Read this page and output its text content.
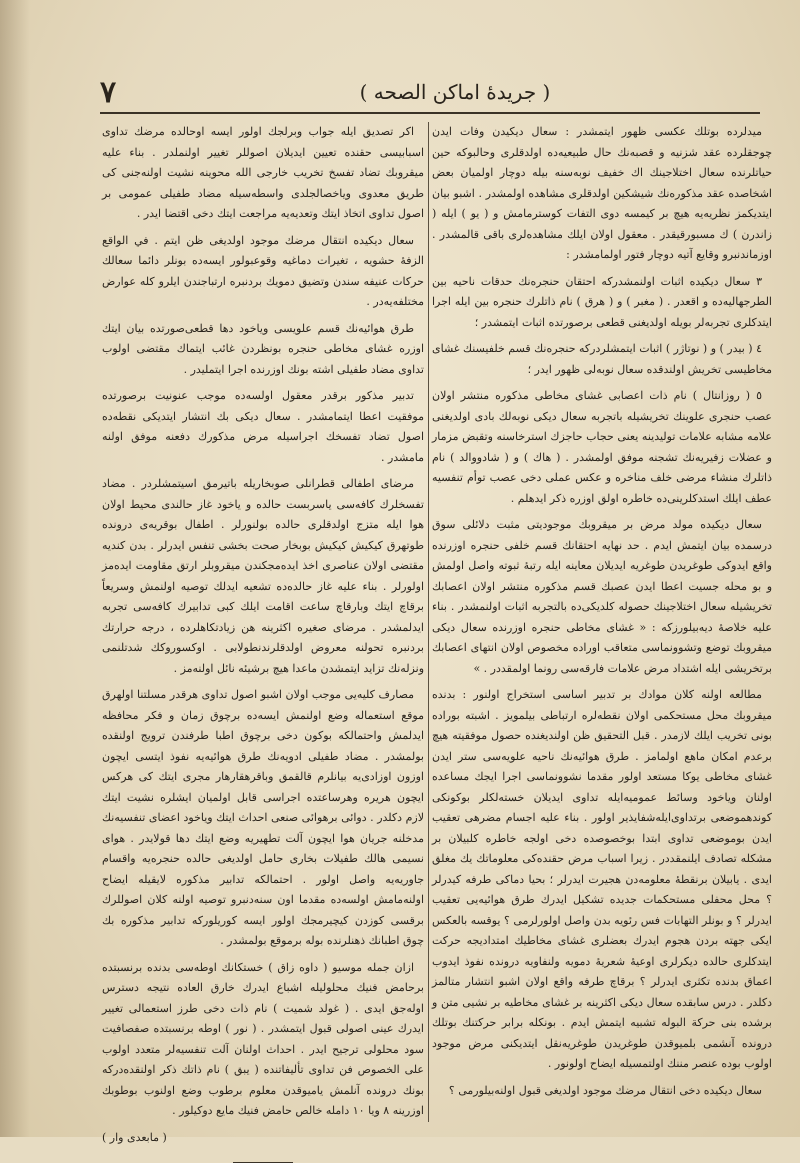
٧	( جريدهٔ اماكن الصحه )

میدلرده بوتلك عكسی ظهور ايتمشدر : سعال دیكیدن وفات ايدن چوجقلرده عقد شزنيه و قصبه‌نك حال طبيعيه‌ده اولدقلری وحالبوكه حين حياتلرنده سعال اختلاجينك اك خفيف نوبه‌سنه بيله دوچار اولميان بعض اشخاصده عقد مذكوره‌نك شيشكين اولدقلری مشاهده اولمشدر . اشبو بيان ايتديكمز نظريه‌يه هيچ بر كيمسه دوی التفات كوسترمامش و ( يو ) ايله ( زاندرن ) ك مسبورقيقدر . معقول اولان ايلك مشاهده‌لری باقی قالمشدر . اوزماندنبرو وقايع آتيه دوچار فتور اولمامشدر :

٣ سعال دیكیده اثبات اولنمشدركه احتقان حنجره‌نك حدقات ناحيه بين الطرجهاليه‌ده و اقعدر . ( مغبر ) و ( هرق ) نام ذاتلرك حنجره بين ايله اجرا ايتدكلری تجربه‌لر بويله اولديغنی قطعی برصورتده اثبات ايتمشدر ؛

٤ ( بيدر ) و ( نوتاژر ) اثبات ايتمشلردركه حنجره‌نك قسم خلفيسنك غشای مخاطيسی تخريش اولندقده سعال نوبه‌لی ظهور ايدر ؛

٥ ( روزانتال ) نام ذات اعصابی غشای مخاطی مذكوره منتشر اولان عصب حنجری علوینك تخريشيله باتجربه سعال دیكی نوبه‌لك بادی اولديغنی علامه مشابه علامات توليدینه يعنی حجاب حاجزك استرخاسنه وتقبض مزمار و عضلات زفيريه‌نك تشجنه موفق اولمشدر . ( هاك ) و ( شادووالد ) نام ذاتلرك منشاء مرضی خلف مناخره و عكس عملی دخی عصب توأم تنفسيه عطف ايلك استدكلرينی‌ده خاطره اولق اوزره ذكر ايدهلم .

سعال دیكیده مولد مرض بر ميقروبك موجوديتی مثبت دلائلی سوق درسمده بيان ايتمش ايدم . حد نهايه احتقانك قسم خلفی حنجره اوزرنده واقع ايدوكی طوغريدن طوغريه ايديلان معاينه ايله رتبهٔ ثبوته واصل اولمش و بو محله جسيت اعطا ايدن عصبك قسم مذكوره منتشر اولان اعصابك تخريشيله سعال اختلاجينك حصوله كلديكی‌ده بالتجربه اثبات اولنمشدر . بناء عليه خلاصهٔ ديه‌بيلورزكه : « غشای مخاطی حنجره اوزرنده سعال دیكی ميقروبك توضع وتشوونماسی متعاقب اوراده مخصوص اولان انتهای اعصابك برتخريشی ايله اشتداد مرض علامات فارقه‌سی رونما اولمقددر . »

مطالعه اولنه كلان موادك بر تدبير اساسی استخراج اولنور : بدنده ميقروبك محل مستحكمی اولان نقطه‌لره ارتباطی بيلمويز . اشبته بوراده بونی تخريب ايلك لازمدر . قبل التحقيق ظن اولنديغنده حصول موفقيته هيچ برعدم امكان ماهع اولمامز . طرق هوائيه‌نك ناحيه علويه‌سی ستر ايدن غشای مخاطی يوكا مستعد اولور مقدما نشوونماسی اجرا ايجك مساعده اولنان وياخود وسائط عموميه‌ايله تداوی ايديلان خسته‌لكلر بوكونكی كوندهموضعی برتداوی‌ايله‌شفايذير اولور . بناء عليه اجسام مضرهی تعقيب ايدن بوموضعی تداوی ابتدا بوخصوصده دخی اولجه خاطره كلبيلان بر مشكله تصادف ايلنمقددر . زيرا اسباب مرض حقنده‌كی معلوماتك يك مغلق ايدی . يابيلان برنقطهٔ معلومه‌دن هجيرت ايدرلر ؛ بحيا دماكی طرفه كيدرلر ؟ محل محفلی مستحكمات جديده تشكيل ايدرك طرق هوائيه‌يی تعقيب ايدرلر ؟ و بونلر التهابات فس رئويه بدن واصل اولورلرمی ؟ يوقسه بالعكس ايكی جهته بردن هجوم ايدرك بعضلری غشای مخاطيك امتداديجه حركت ايتدكلری حالده ديكرلری اوعيهٔ شعريهٔ دمويه ولنفاويه درونده نفوذ ايدوب اعماق بدنده تكثری ايدرلر ؟ برقاچ طرفه واقع اولان اشبو انتشار متالمز دكلدر . درس سابقده سعال دیكی اكثرينه بر غشای مخاطيه بر نشيی متن و برشده بنی حركة البوله تشبيه ايتمش ايدم . بونكله برابر حركتنك بوتلك درونده آنشمی بلميوقدن طوغريدن طوغريه‌نقل ايتديكنی مرض موجود اولوب بوده عنصر مننك اولتمسيله ايضاح اولونور .

سعال دیكیده دخی انتقال مرضك موجود اولديغی قبول اولنه‌بيلورمی ؟

اكر تصديق ايله جواب وبرلجك اولور ايسه اوحالده مرضك تداوی اسبابيسی حقنده تعيين ايديلان اصوللر تغيير اولنملدر . بناء عليه ميقروبك تضاد تفسخ تخريب خارجی الله محوينه نشيت اولنه‌جنی كی طريق معدوی وياخصالجلدی واسطه‌سيله مضاد طفيلی عمومی بر اصول تداوی اتخاذ ايتك وتعديه‌يه مراجعت ايتك دخی اقتضا ايدر .

سعال دیكیده انتقال مرضك موجود اولديغی ظن ايتم . في الواقع الزفهٔ حشويه ، تغيرات دماغيه وقوعبولور ايسه‌ده بونلر دائما سعالك حركات عنيفه سندن وتضيق دمويك بردنبره ارتباجندن ايلرو كله عوارض مختلفه‌يه‌در .

طرق هوائيه‌نك قسم علويسی وياخود دها قطعی‌صورتده بيان ايتك اوزره غشای مخاطی حنجره بونظردن غائب ايتماك مقتضی اولوب تداوی مضاد طفيلی اشته بونك اوزرنده اجرا ايتمليدر .

تدبير مذكور برقدر معقول اولسه‌ده موجب عنونيت برصورتده موفقيت اعطا ايتمامشدر . سعال دیكی بك انتشار ايتديكی نقطه‌ده اصول تضاد تفسخك اجراسيله مرض مذكورك دفعنه موفق اولنه مامشدر .

مرضای اطفالی قطرانلی صوبخاريله باتيرمق اسيتمشلردر . مضاد تفسخلرك كافه‌سی ياسربست حالده و ياخود غاز حالندی محيط اولان هوا ايله متزج اولدقلری حالده بولنورلر . اطفال بوقريه‌ی درونده طوتهرق كيكيش كيكيش بوبخار صحت بخشی تنفس ايدرلر . بدن كنديه مقتضی اولان عناصری اخذ ايده‌مجكندن ميقروبلر ارتق مقاومت ايده‌مز اولورلر . بناء عليه غاز حالده‌ده تشعيه ايدلك توصيه اولنمش وسريعاً برقاچ ايتك وبارقاچ ساعت اقامت ايلك كبی تدابيرك كافه‌سی تجربه ايدلمشدر . مرضای صغيره اكثرينه هن زيادتكاهلرده ، درجه حرارتك بردنبره تحولنه معروض اولدقلرندنطولابی . اوكسوروكك شدتلنمی ونزله‌نك تزايد ايتمشدن ماعدا هيچ برشيئه نائل اولنه‌مز .

مصارف كليه‌يی موجب اولان اشبو اصول تداوی هرقدر مسلتنا اولهرق موقع استعماله وضع اولنمش ايسه‌ده برچوق زمان و فكر محافظه ايدلمش واحتمالكه بوكون دخی برچوق اطبا طرفندن ترويج اولنقده بولمشدر . مضاد طفيلی ادويه‌نك طرق هوائيه‌يه نفوذ ايتسی ايچون اوزون اوزادی‌يه بيانلرم قالقمق وباقرهقارهار مجری ايتك كی هركس ايچون هريره وهرساعتده اجراسی قابل اولميان ايشلره نشيت ايتك لازم دكلدر . دوائی برهوائی صنعی احداث ايتك وياخود اعضای تنفسيه‌نك مدخلنه جريان هوا ايچون آلت تطهيريه وضع ايتك دها قولايدر . هوای نسيمی هالك طفيلات بخاری حامل اولديغی حالده حنجره‌يه واقسام جاوريه‌يه واصل اولور . احتمالكه تدابير مذكوره لايقيله ايضاح اولنه‌مامش اولسه‌ده مقدما اون سنه‌دنبرو توصيه اولنه كلان اصوللرك برقسی كوزدن كيچيرمجك اولور ايسه كوريلوركه تدابير مذكوره بك چوق اطبانك ذهنلرنده بوله برموقع بولمشدر .

ازان جمله موسيو ( داوه زاق ) خستكانك اوطه‌سی بدنده برنسبتده برحامض فنيك محلوليله اشباع ايدرك خارق العاده نتيجه دسترس اوله‌جق ايدی . ( غولد شميت ) نام ذات دخی طرز استعمالی تغيير ايدرك عينی اصولی قبول ايتمشدر . ( نور ) اوطه برنسبتده صفصافيت سود محلولی ترجيح ايدر . احداث اولنان آلت تنفسيه‌لر متعدد اولوب علی الخصوص فن تداوی تأليفاتنده ( يبق ) نام ذاتك ذكر اولنقده‌دركه بونك درونده آنلمش ياميوقدن معلوم برطوب وضع اولنوب بوطوبك اوزرينه ٨ ويا ١٠ دامله خالص حامض فنيك مايع دوكيلور .

( مابعدی وار )
